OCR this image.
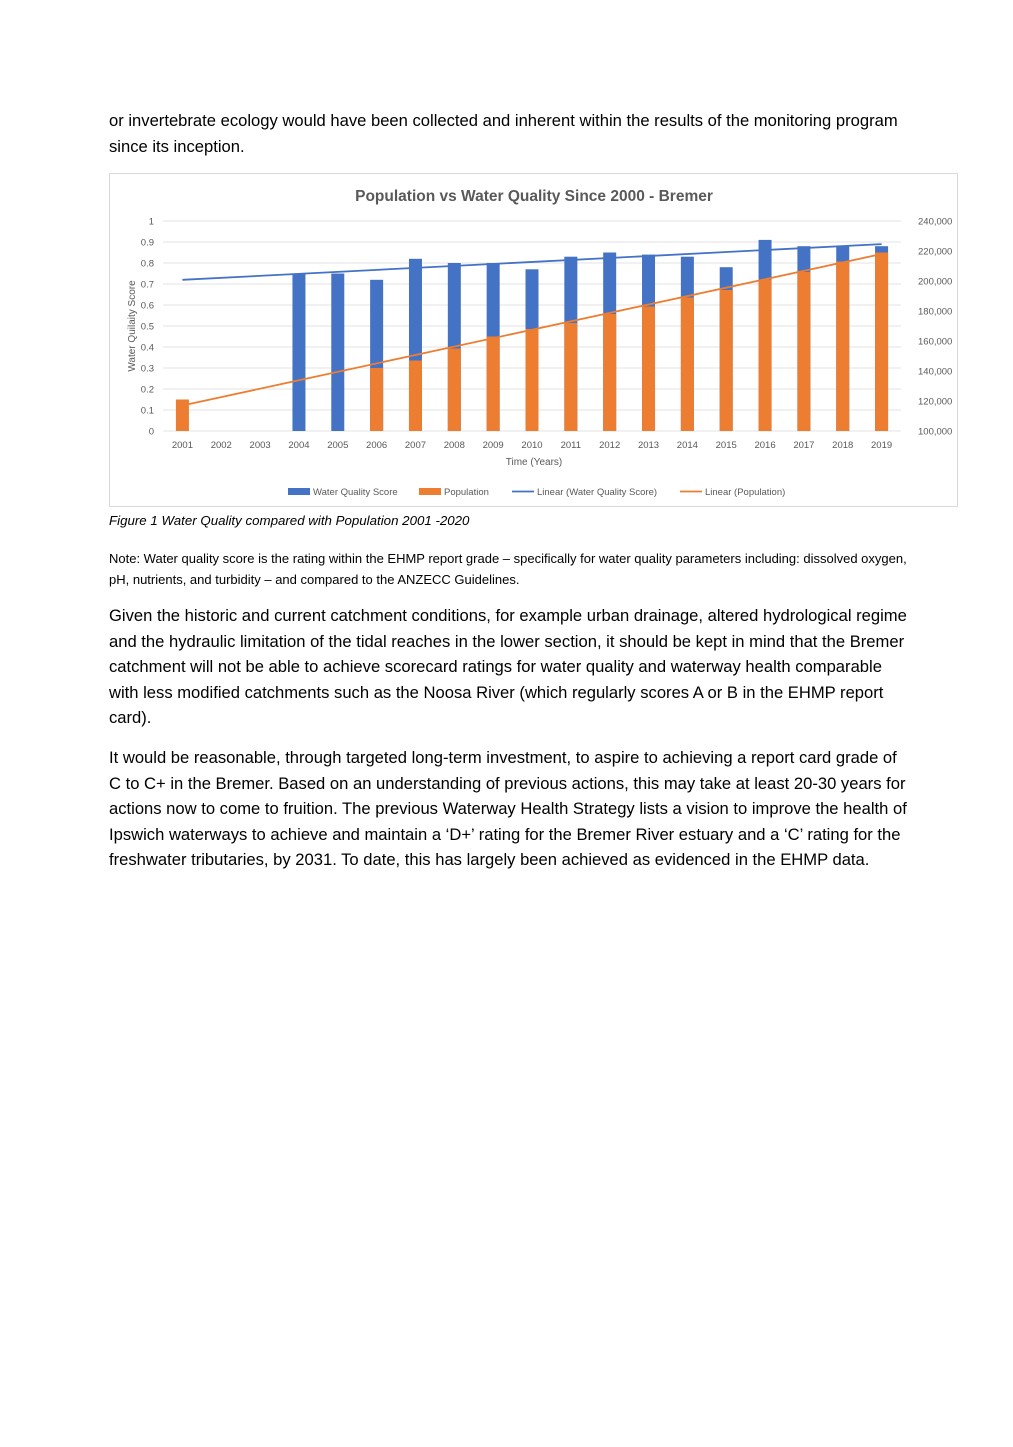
or invertebrate ecology would have been collected and inherent within the results of the monitoring program since its inception.

Population vs Water Quality Since 2000 - Bremer
0
0.1
0.2
0.3
0.4
0.5
0.6
0.7
0.8
0.9
1
100,000
120,000
140,000
160,000
180,000
200,000
220,000
240,000
2001 2002 2003 2004 2005 2006 2007 2008 2009 2010 2011 2012 2013 2014 2015 2016 2017 2018 2019
Time (Years)
Water Quilaity Score
Water Quality Score	Population	Linear (Water Quality Score)	Linear (Population)

Figure 1 Water Quality compared with Population 2001 -2020

Note: Water quality score is the rating within the EHMP report grade – specifically for water quality parameters including: dissolved oxygen, pH, nutrients, and turbidity – and compared to the ANZECC Guidelines.

Given the historic and current catchment conditions, for example urban drainage, altered hydrological regime and the hydraulic limitation of the tidal reaches in the lower section, it should be kept in mind that the Bremer catchment will not be able to achieve scorecard ratings for water quality and waterway health comparable with less modified catchments such as the Noosa River (which regularly scores A or B in the EHMP report card).

It would be reasonable, through targeted long-term investment, to aspire to achieving a report card grade of C to C+ in the Bremer. Based on an understanding of previous actions, this may take at least 20-30 years for actions now to come to fruition. The previous Waterway Health Strategy lists a vision to improve the health of Ipswich waterways to achieve and maintain a ‘D+’ rating for the Bremer River estuary and a ‘C’ rating for the freshwater tributaries, by 2031. To date, this has largely been achieved as evidenced in the EHMP data.
